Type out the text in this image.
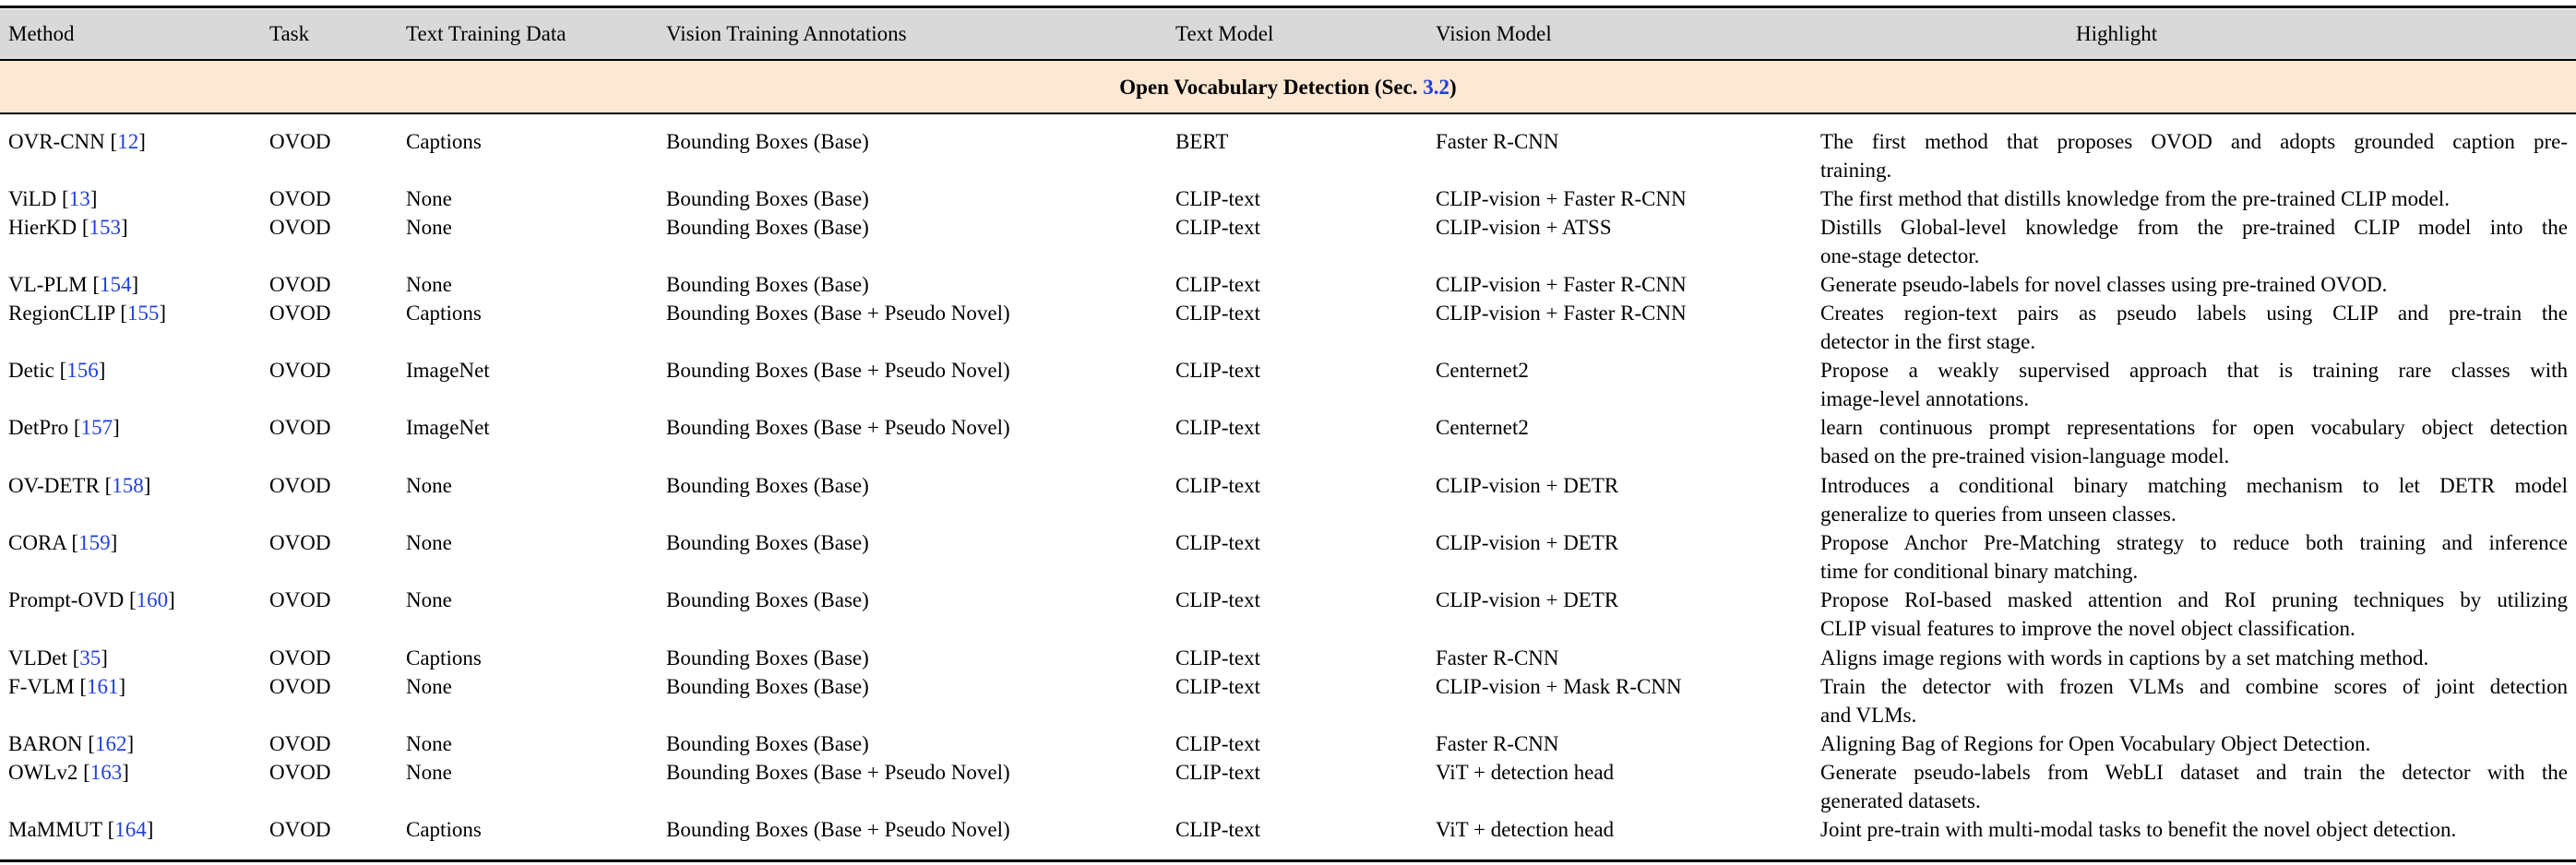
Method	Task	Text Training Data	Vision Training Annotations	Text Model	Vision Model	Highlight
Open Vocabulary Detection (Sec. 3.2)
OVR-CNN [12]	OVOD	Captions	Bounding Boxes (Base)	BERT	Faster R-CNN	The first method that proposes OVOD and adopts grounded caption pre-
training.
ViLD [13]	OVOD	None	Bounding Boxes (Base)	CLIP-text	CLIP-vision + Faster R-CNN	The first method that distills knowledge from the pre-trained CLIP model.
HierKD [153]	OVOD	None	Bounding Boxes (Base)	CLIP-text	CLIP-vision + ATSS	Distills Global-level knowledge from the pre-trained CLIP model into the
one-stage detector.
VL-PLM [154]	OVOD	None	Bounding Boxes (Base)	CLIP-text	CLIP-vision + Faster R-CNN	Generate pseudo-labels for novel classes using pre-trained OVOD.
RegionCLIP [155]	OVOD	Captions	Bounding Boxes (Base + Pseudo Novel)	CLIP-text	CLIP-vision + Faster R-CNN	Creates region-text pairs as pseudo labels using CLIP and pre-train the
detector in the first stage.
Detic [156]	OVOD	ImageNet	Bounding Boxes (Base + Pseudo Novel)	CLIP-text	Centernet2	Propose a weakly supervised approach that is training rare classes with
image-level annotations.
DetPro [157]	OVOD	ImageNet	Bounding Boxes (Base + Pseudo Novel)	CLIP-text	Centernet2	learn continuous prompt representations for open vocabulary object detection
based on the pre-trained vision-language model.
OV-DETR [158]	OVOD	None	Bounding Boxes (Base)	CLIP-text	CLIP-vision + DETR	Introduces a conditional binary matching mechanism to let DETR model
generalize to queries from unseen classes.
CORA [159]	OVOD	None	Bounding Boxes (Base)	CLIP-text	CLIP-vision + DETR	Propose Anchor Pre-Matching strategy to reduce both training and inference
time for conditional binary matching.
Prompt-OVD [160]	OVOD	None	Bounding Boxes (Base)	CLIP-text	CLIP-vision + DETR	Propose RoI-based masked attention and RoI pruning techniques by utilizing
CLIP visual features to improve the novel object classification.
VLDet [35]	OVOD	Captions	Bounding Boxes (Base)	CLIP-text	Faster R-CNN	Aligns image regions with words in captions by a set matching method.
F-VLM [161]	OVOD	None	Bounding Boxes (Base)	CLIP-text	CLIP-vision + Mask R-CNN	Train the detector with frozen VLMs and combine scores of joint detection
and VLMs.
BARON [162]	OVOD	None	Bounding Boxes (Base)	CLIP-text	Faster R-CNN	Aligning Bag of Regions for Open Vocabulary Object Detection.
OWLv2 [163]	OVOD	None	Bounding Boxes (Base + Pseudo Novel)	CLIP-text	ViT + detection head	Generate pseudo-labels from WebLI dataset and train the detector with the
generated datasets.
MaMMUT [164]	OVOD	Captions	Bounding Boxes (Base + Pseudo Novel)	CLIP-text	ViT + detection head	Joint pre-train with multi-modal tasks to benefit the novel object detection.
